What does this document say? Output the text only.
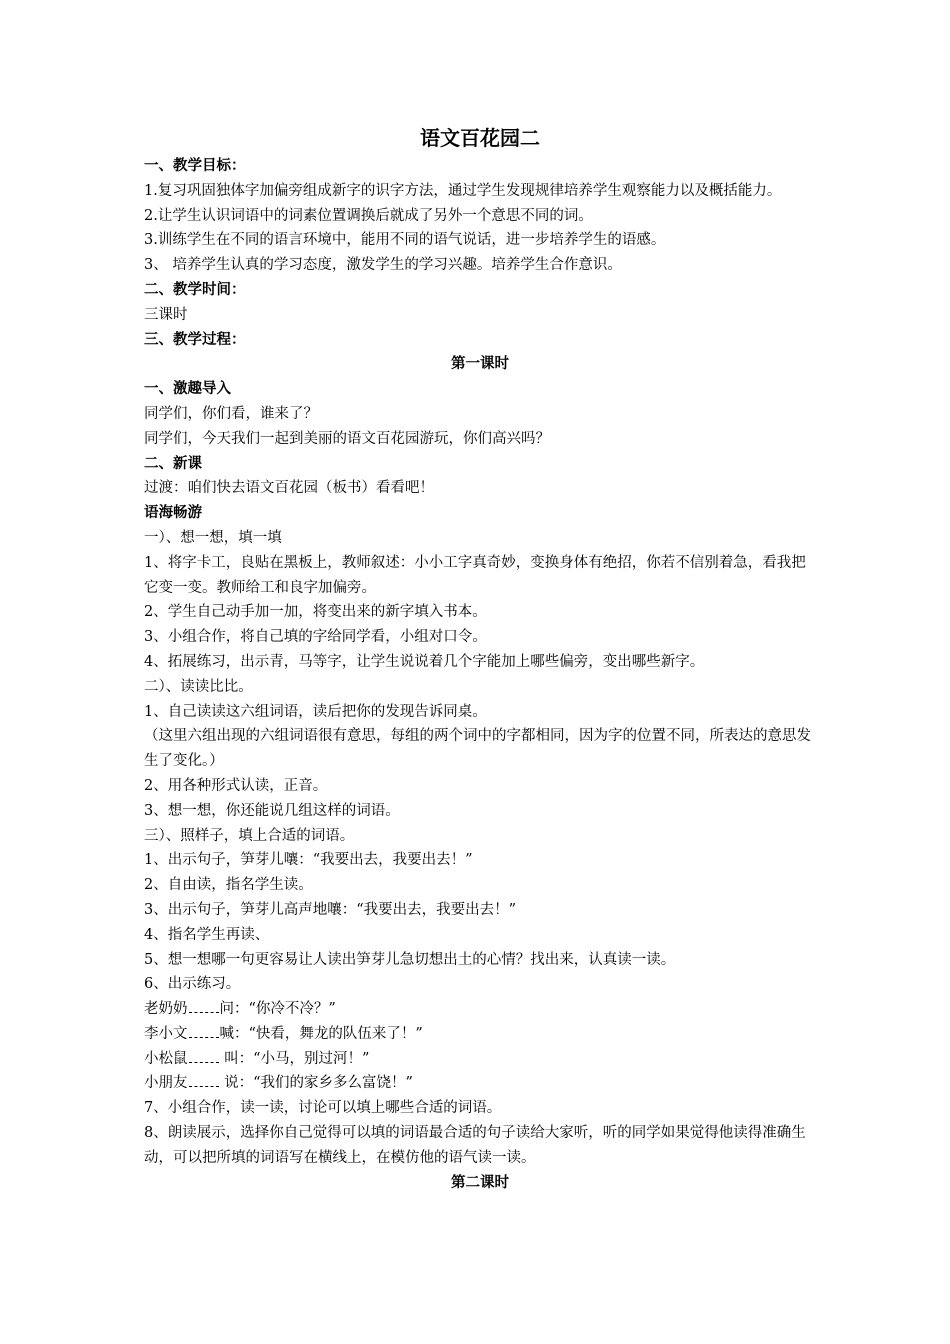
语文百花园二

一、教学目标：

1.复习巩固独体字加偏旁组成新字的识字方法，通过学生发现规律培养学生观察能力以及概括能力。

2.让学生认识词语中的词素位置调换后就成了另外一个意思不同的词。

3.训练学生在不同的语言环境中，能用不同的语气说话，进一步培养学生的语感。

3、 培养学生认真的学习态度，激发学生的学习兴趣。培养学生合作意识。

二、教学时间：

三课时

三、教学过程：

第一课时

一、激趣导入

同学们，你们看，谁来了？

同学们，今天我们一起到美丽的语文百花园游玩，你们高兴吗？

二、新课

过渡：咱们快去语文百花园（板书）看看吧！

语海畅游

一）、想一想，填一填

1、将字卡工，良贴在黑板上，教师叙述：小小工字真奇妙，变换身体有绝招，你若不信别着急，看我把它变一变。教师给工和良字加偏旁。

2、学生自己动手加一加，将变出来的新字填入书本。

3、小组合作，将自己填的字给同学看，小组对口令。

4、拓展练习，出示青，马等字，让学生说说着几个字能加上哪些偏旁，变出哪些新字。

二）、读读比比。

1、自己读读这六组词语，读后把你的发现告诉同桌。

（这里六组出现的六组词语很有意思，每组的两个词中的字都相同，因为字的位置不同，所表达的意思发生了变化。）

2、用各种形式认读，正音。

3、想一想，你还能说几组这样的词语。

三）、照样子，填上合适的词语。

1、出示句子，笋芽儿嚷：“我要出去，我要出去！”

2、自由读，指名学生读。

3、出示句子，笋芽儿高声地嚷：“我要出去，我要出去！”

4、指名学生再读、

5、想一想哪一句更容易让人读出笋芽儿急切想出土的心情？找出来，认真读一读。

6、出示练习。

老奶奶 问：“你冷不冷？”

李小文 喊：“快看，舞龙的队伍来了！”

小松鼠 叫：“小马，别过河！”

小朋友 说：“我们的家乡多么富饶！”

7、小组合作，读一读，讨论可以填上哪些合适的词语。

8、朗读展示，选择你自己觉得可以填的词语最合适的句子读给大家听，听的同学如果觉得他读得准确生动，可以把所填的词语写在横线上，在模仿他的语气读一读。

第二课时
